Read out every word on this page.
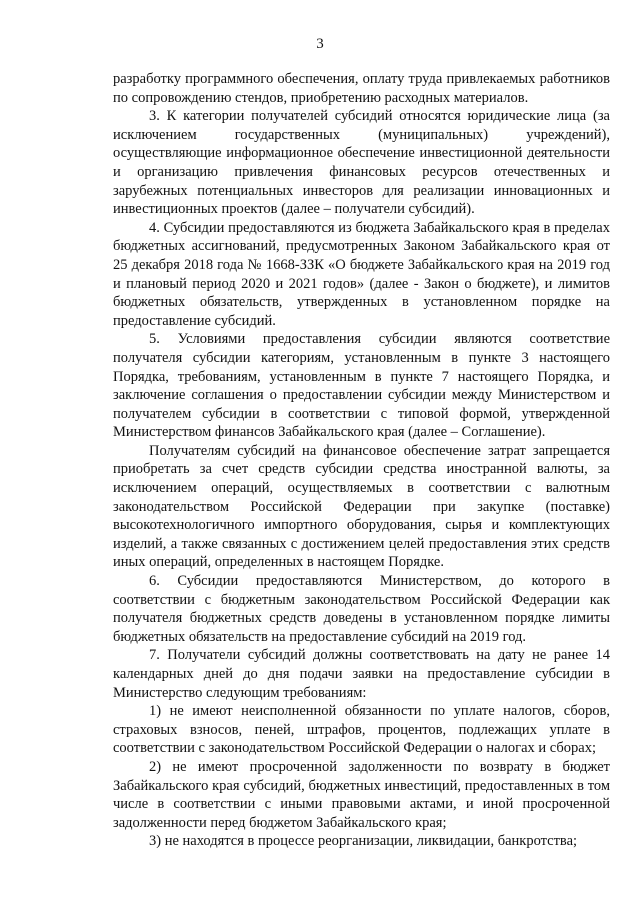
3

разработку программного обеспечения, оплату труда привлекаемых работников по сопровождению стендов, приобретению расходных материалов.

3. К категории получателей субсидий относятся юридические лица (за исключением государственных (муниципальных) учреждений), осуществляющие информационное обеспечение инвестиционной деятельности и организацию привлечения финансовых ресурсов отечественных и зарубежных потенциальных инвесторов для реализации инновационных и инвестиционных проектов (далее – получатели субсидий).

4. Субсидии предоставляются из бюджета Забайкальского края в пределах бюджетных ассигнований, предусмотренных Законом Забайкальского края от 25 декабря 2018 года № 1668-ЗЗК «О бюджете Забайкальского края на 2019 год и плановый период 2020 и 2021 годов» (далее - Закон о бюджете), и лимитов бюджетных обязательств, утвержденных в установленном порядке на предоставление субсидий.

5. Условиями предоставления субсидии являются соответствие получателя субсидии категориям, установленным в пункте 3 настоящего Порядка, требованиям, установленным в пункте 7 настоящего Порядка, и заключение соглашения о предоставлении субсидии между Министерством и получателем субсидии в соответствии с типовой формой, утвержденной Министерством финансов Забайкальского края (далее – Соглашение).

Получателям субсидий на финансовое обеспечение затрат запрещается приобретать за счет средств субсидии средства иностранной валюты, за исключением операций, осуществляемых в соответствии с валютным законодательством Российской Федерации при закупке (поставке) высокотехнологичного импортного оборудования, сырья и комплектующих изделий, а также связанных с достижением целей предоставления этих средств иных операций, определенных в настоящем Порядке.

6. Субсидии предоставляются Министерством, до которого в соответствии с бюджетным законодательством Российской Федерации как получателя бюджетных средств доведены в установленном порядке лимиты бюджетных обязательств на предоставление субсидий на 2019 год.

7. Получатели субсидий должны соответствовать на дату не ранее 14 календарных дней до дня подачи заявки на предоставление субсидии в Министерство следующим требованиям:

1) не имеют неисполненной обязанности по уплате налогов, сборов, страховых взносов, пеней, штрафов, процентов, подлежащих уплате в соответствии с законодательством Российской Федерации о налогах и сборах;

2) не имеют просроченной задолженности по возврату в бюджет Забайкальского края субсидий, бюджетных инвестиций, предоставленных в том числе в соответствии с иными правовыми актами, и иной просроченной задолженности перед бюджетом Забайкальского края;

3) не находятся в процессе реорганизации, ликвидации, банкротства;
